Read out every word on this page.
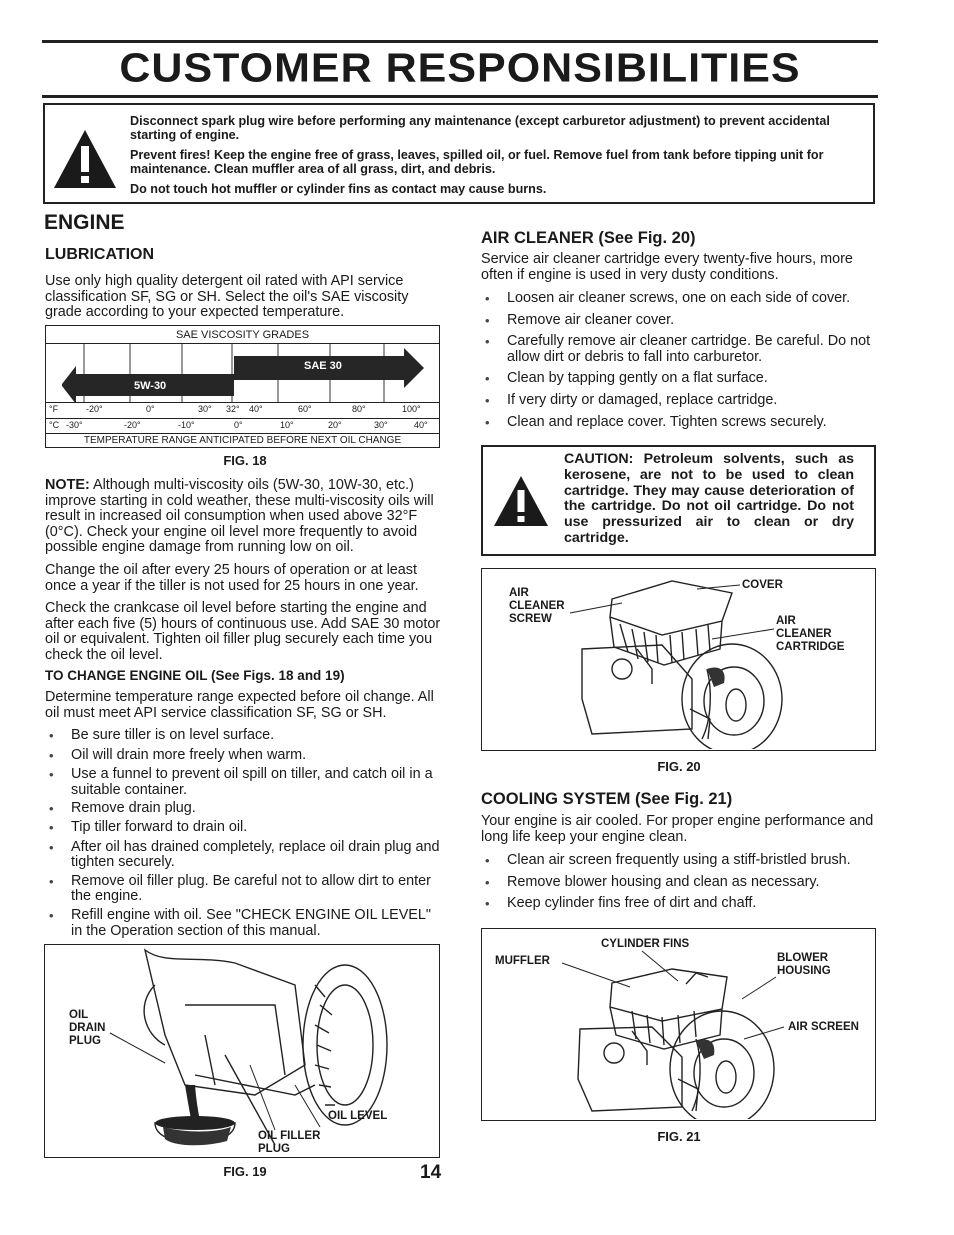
CUSTOMER RESPONSIBILITIES
Disconnect spark plug wire before performing any maintenance (except carburetor adjustment) to prevent accidental starting of engine.
Prevent fires! Keep the engine free of grass, leaves, spilled oil, or fuel. Remove fuel from tank before tipping unit for maintenance. Clean muffler area of all grass, dirt, and debris.
Do not touch hot muffler or cylinder fins as contact may cause burns.
ENGINE
LUBRICATION
Use only high quality detergent oil rated with API service classification SF, SG or SH. Select the oil's SAE viscosity grade according to your expected temperature.
SAE VISCOSITY GRADES
5W-30
SAE 30
°F	-20°	0°	30° 32° 40°	60°	80°	100°
°C -30°	-20°	-10°	0°	10°	20°	30°	40°
TEMPERATURE RANGE ANTICIPATED BEFORE NEXT OIL CHANGE
FIG. 18
NOTE: Although multi-viscosity oils (5W-30, 10W-30, etc.) improve starting in cold weather, these multi-viscosity oils will result in increased oil consumption when used above 32°F (0°C). Check your engine oil level more frequently to avoid possible engine damage from running low on oil.
Change the oil after every 25 hours of operation or at least once a year if the tiller is not used for 25 hours in one year.
Check the crankcase oil level before starting the engine and after each five (5) hours of continuous use. Add SAE 30 motor oil or equivalent. Tighten oil filler plug securely each time you check the oil level.
TO CHANGE ENGINE OIL (See Figs. 18 and 19)
Determine temperature range expected before oil change. All oil must meet API service classification SF, SG or SH.
• Be sure tiller is on level surface.
• Oil will drain more freely when warm.
• Use a funnel to prevent oil spill on tiller, and catch oil in a suitable container.
• Remove drain plug.
• Tip tiller forward to drain oil.
• After oil has drained completely, replace oil drain plug and tighten securely.
• Remove oil filler plug. Be careful not to allow dirt to enter the engine.
• Refill engine with oil. See "CHECK ENGINE OIL LEVEL" in the Operation section of this manual.
OIL
DRAIN
PLUG
OIL LEVEL
OIL FILLER
PLUG
FIG. 19	14
AIR CLEANER (See Fig. 20)
Service air cleaner cartridge every twenty-five hours, more often if engine is used in very dusty conditions.
• Loosen air cleaner screws, one on each side of cover.
• Remove air cleaner cover.
• Carefully remove air cleaner cartridge. Be careful. Do not allow dirt or debris to fall into carburetor.
• Clean by tapping gently on a flat surface.
• If very dirty or damaged, replace cartridge.
• Clean and replace cover. Tighten screws securely.
CAUTION: Petroleum solvents, such as kerosene, are not to be used to clean cartridge. They may cause deterioration of the cartridge. Do not oil cartridge. Do not use pressurized air to clean or dry cartridge.
AIR
CLEANER
SCREW
COVER
AIR
CLEANER
CARTRIDGE
FIG. 20
COOLING SYSTEM (See Fig. 21)
Your engine is air cooled. For proper engine performance and long life keep your engine clean.
• Clean air screen frequently using a stiff-bristled brush.
• Remove blower housing and clean as necessary.
• Keep cylinder fins free of dirt and chaff.
CYLINDER FINS
MUFFLER	BLOWER
HOUSING
AIR SCREEN
FIG. 21
